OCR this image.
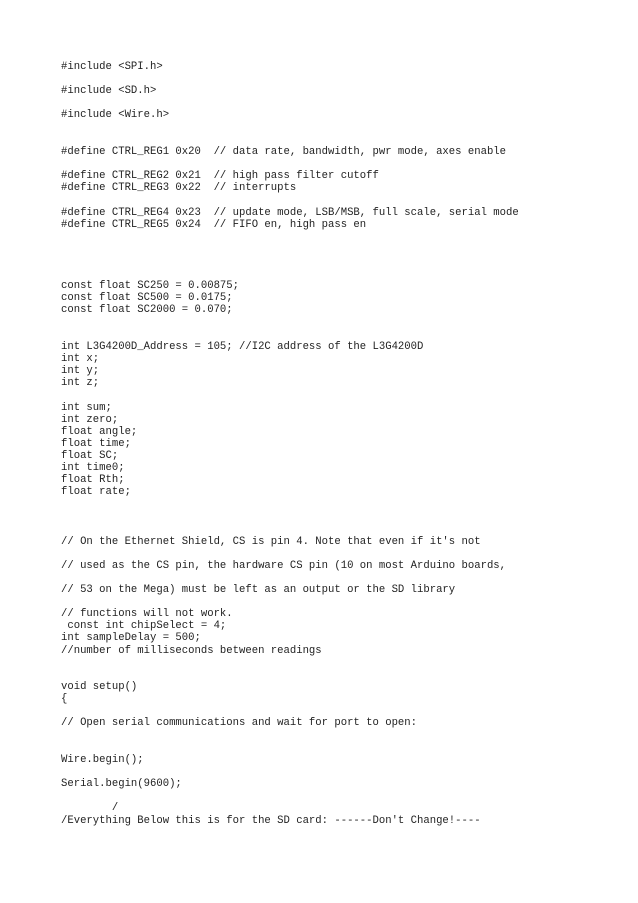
#include <SPI.h>
#include <SD.h>
#include <Wire.h>
#define CTRL_REG1 0x20  // data rate, bandwidth, pwr mode, axes enable
#define CTRL_REG2 0x21  // high pass filter cutoff
#define CTRL_REG3 0x22  // interrupts
#define CTRL_REG4 0x23  // update mode, LSB/MSB, full scale, serial mode
#define CTRL_REG5 0x24  // FIFO en, high pass en
const float SC250 = 0.00875;
const float SC500 = 0.0175;
const float SC2000 = 0.070;
int L3G4200D_Address = 105; //I2C address of the L3G4200D
int x;
int y;
int z;
int sum;
int zero;
float angle;
float time;
float SC;
int time0;
float Rth;
float rate;
// On the Ethernet Shield, CS is pin 4. Note that even if it's not
// used as the CS pin, the hardware CS pin (10 on most Arduino boards,
// 53 on the Mega) must be left as an output or the SD library
// functions will not work.
const int chipSelect = 4;
int sampleDelay = 500;
//number of milliseconds between readings
void setup()
{
// Open serial communications and wait for port to open:
Wire.begin();
Serial.begin(9600);
/
/Everything Below this is for the SD card: ------Don't Change!----
